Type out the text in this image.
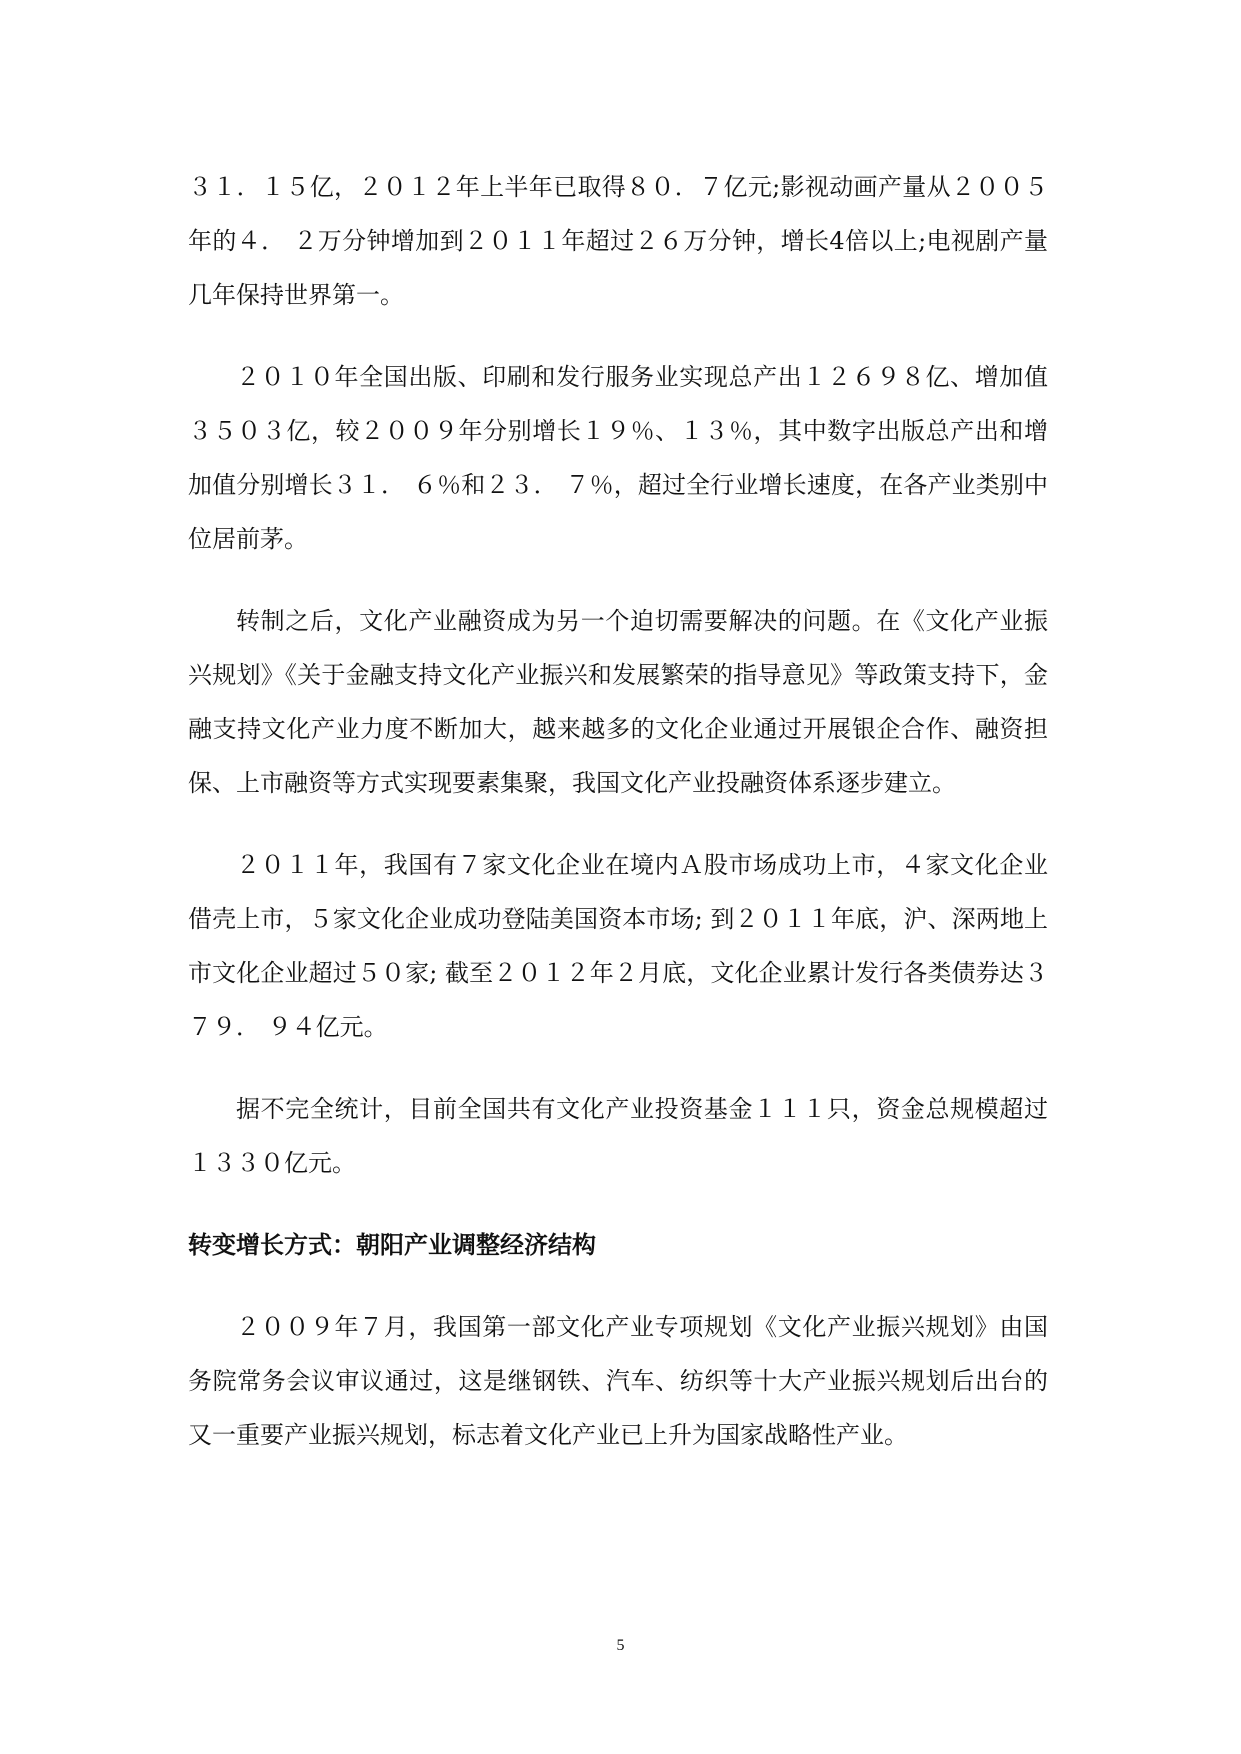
３１．１５亿，２０１２年上半年已取得８０．７亿元;影视动画产量从２００５年的４． ２万分钟增加到２０１１年超过２６万分钟，增长4倍以上;电视剧产量几年保持世界第一。

２０１０年全国出版、印刷和发行服务业实现总产出１２６９８亿、增加值３５０３亿，较２００９年分别增长１９％、１３％，其中数字出版总产出和增加值分别增长３１． ６％和２３． ７％，超过全行业增长速度，在各产业类别中位居前茅。

转制之后，文化产业融资成为另一个迫切需要解决的问题。在《文化产业振兴规划》《关于金融支持文化产业振兴和发展繁荣的指导意见》等政策支持下，金融支持文化产业力度不断加大，越来越多的文化企业通过开展银企合作、融资担保、上市融资等方式实现要素集聚，我国文化产业投融资体系逐步建立。

２０１１年，我国有７家文化企业在境内Ａ股市场成功上市，４家文化企业借壳上市，５家文化企业成功登陆美国资本市场; 到２０１１年底，沪、深两地上市文化企业超过５０家; 截至２０１２年２月底，文化企业累计发行各类债券达３７９． ９４亿元。

据不完全统计，目前全国共有文化产业投资基金１１１只，资金总规模超过１３３０亿元。

转变增长方式：朝阳产业调整经济结构

２００９年７月，我国第一部文化产业专项规划《文化产业振兴规划》由国务院常务会议审议通过，这是继钢铁、汽车、纺织等十大产业振兴规划后出台的又一重要产业振兴规划，标志着文化产业已上升为国家战略性产业。

5
